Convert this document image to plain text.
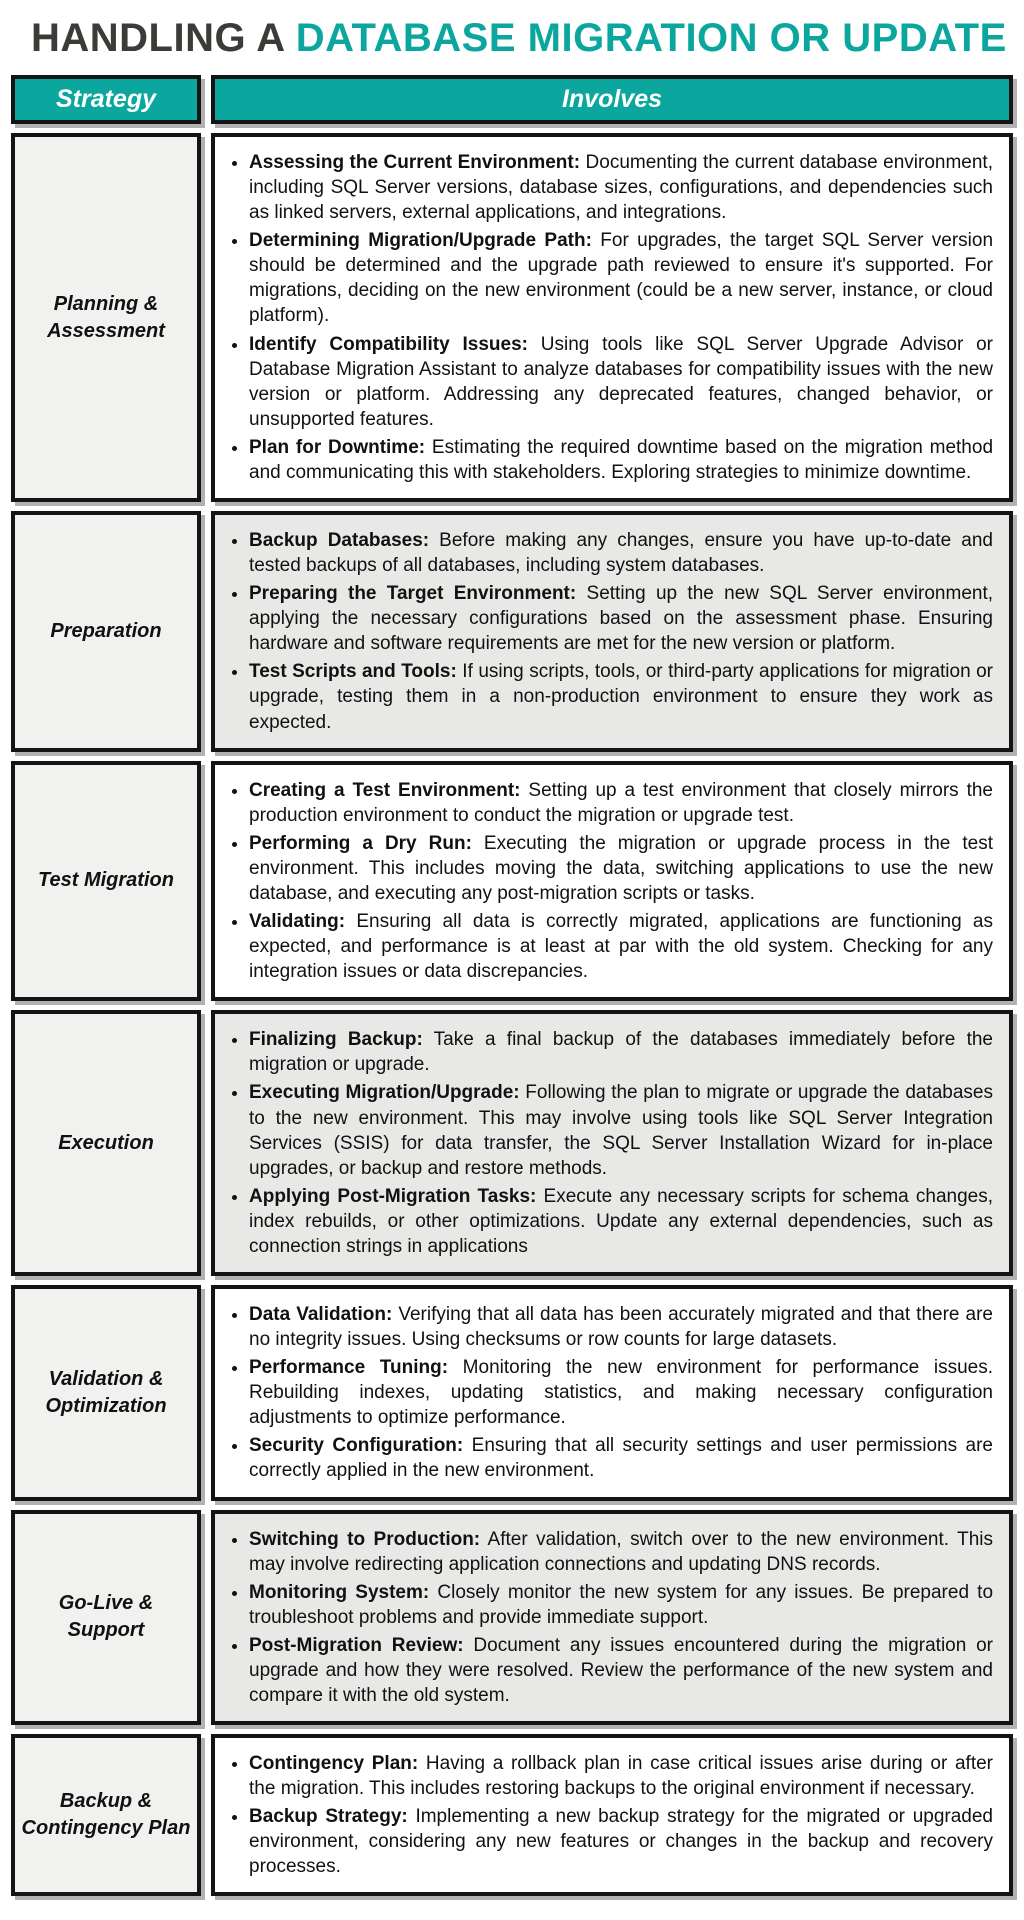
HANDLING A DATABASE MIGRATION OR UPDATE
Strategy	Involves
Planning & Assessment
• Assessing the Current Environment: Documenting the current database environment, including SQL Server versions, database sizes, configurations, and dependencies such as linked servers, external applications, and integrations.
• Determining Migration/Upgrade Path: For upgrades, the target SQL Server version should be determined and the upgrade path reviewed to ensure it's supported. For migrations, deciding on the new environment (could be a new server, instance, or cloud platform).
• Identify Compatibility Issues: Using tools like SQL Server Upgrade Advisor or Database Migration Assistant to analyze databases for compatibility issues with the new version or platform. Addressing any deprecated features, changed behavior, or unsupported features.
• Plan for Downtime: Estimating the required downtime based on the migration method and communicating this with stakeholders. Exploring strategies to minimize downtime.
Preparation
• Backup Databases: Before making any changes, ensure you have up-to-date and tested backups of all databases, including system databases.
• Preparing the Target Environment: Setting up the new SQL Server environment, applying the necessary configurations based on the assessment phase. Ensuring hardware and software requirements are met for the new version or platform.
• Test Scripts and Tools: If using scripts, tools, or third-party applications for migration or upgrade, testing them in a non-production environment to ensure they work as expected.
Test Migration
• Creating a Test Environment: Setting up a test environment that closely mirrors the production environment to conduct the migration or upgrade test.
• Performing a Dry Run: Executing the migration or upgrade process in the test environment. This includes moving the data, switching applications to use the new database, and executing any post-migration scripts or tasks.
• Validating: Ensuring all data is correctly migrated, applications are functioning as expected, and performance is at least at par with the old system. Checking for any integration issues or data discrepancies.
Execution
• Finalizing Backup: Take a final backup of the databases immediately before the migration or upgrade.
• Executing Migration/Upgrade: Following the plan to migrate or upgrade the databases to the new environment. This may involve using tools like SQL Server Integration Services (SSIS) for data transfer, the SQL Server Installation Wizard for in-place upgrades, or backup and restore methods.
• Applying Post-Migration Tasks: Execute any necessary scripts for schema changes, index rebuilds, or other optimizations. Update any external dependencies, such as connection strings in applications
Validation & Optimization
• Data Validation: Verifying that all data has been accurately migrated and that there are no integrity issues. Using checksums or row counts for large datasets.
• Performance Tuning: Monitoring the new environment for performance issues. Rebuilding indexes, updating statistics, and making necessary configuration adjustments to optimize performance.
• Security Configuration: Ensuring that all security settings and user permissions are correctly applied in the new environment.
Go-Live & Support
• Switching to Production: After validation, switch over to the new environment. This may involve redirecting application connections and updating DNS records.
• Monitoring System: Closely monitor the new system for any issues. Be prepared to troubleshoot problems and provide immediate support.
• Post-Migration Review: Document any issues encountered during the migration or upgrade and how they were resolved. Review the performance of the new system and compare it with the old system.
Backup & Contingency Plan
• Contingency Plan: Having a rollback plan in case critical issues arise during or after the migration. This includes restoring backups to the original environment if necessary.
• Backup Strategy: Implementing a new backup strategy for the migrated or upgraded environment, considering any new features or changes in the backup and recovery processes.
